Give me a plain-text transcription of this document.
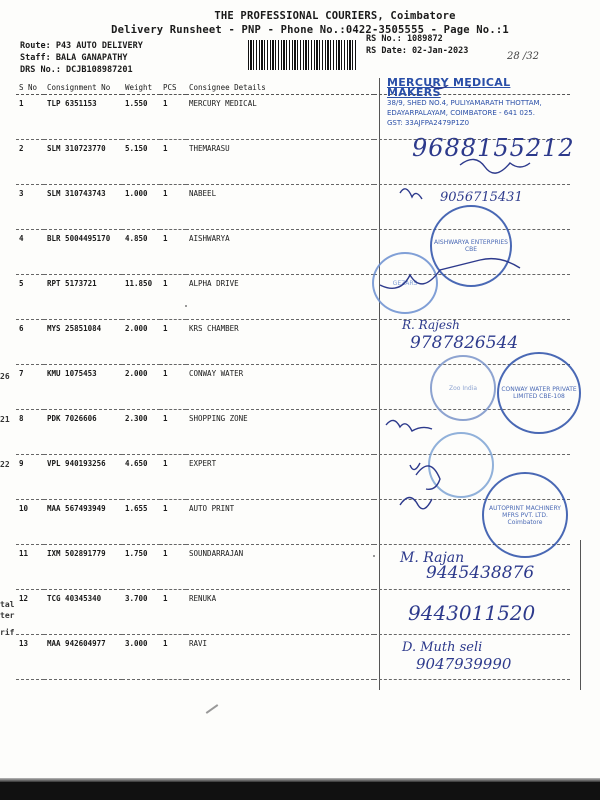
THE PROFESSIONAL COURIERS, Coimbatore
Delivery Runsheet - PNP - Phone No.:0422-3505555 - Page No.:1
Route: P43 AUTO DELIVERY
Staff: BALA GANAPATHY
DRS No.: DCJB108987201
RS No.: 1089872
RS Date: 02-Jan-2023	28 /32
S No	Consignment No	Weight	PCS	Consignee Details	
1	TLP 6351153	1.550	1	MERCURY MEDICAL	
2	SLM 310723770	5.150	1	THEMARASU	
3	SLM 310743743	1.000	1	NABEEL	
4	BLR 5004495170	4.850	1	AISHWARYA	
5	RPT 5173721	11.850	1	ALPHA DRIVE	
6	MYS 25851084	2.000	1	KRS CHAMBER	
7	KMU 1075453	2.000	1	CONWAY WATER	
8	PDK 7026606	2.300	1	SHOPPING ZONE	
9	VPL 940193256	4.650	1	EXPERT	
10	MAA 567493949	1.655	1	AUTO PRINT	
11	IXM 502891779	1.750	1	SOUNDARRAJAN	
12	TCG 40345340	3.700	1	RENUKA	
13	MAA 942604977	3.000	1	RAVI	
26
21
22
tal
ter
rif
MERCURY MEDICAL MAKERS
38/9, SHED NO.4, PULIYAMARATH THOTTAM,
EDAYARPALAYAM, COIMBATORE - 641 025.
GST: 33AJFPA2479P1Z0
AISHWARYA ENTERPRIES CBE
GEZARS
Zoo India	CONWAY WATER PRIVATE LIMITED CBE-108
AUTOPRINT MACHINERY MFRS PVT. LTD. Coimbatore
9688155212
9056715431
R. Rajesh
9787826544
M. Rajan
9445438876
9443011520
D. Muth seli
9047939990
